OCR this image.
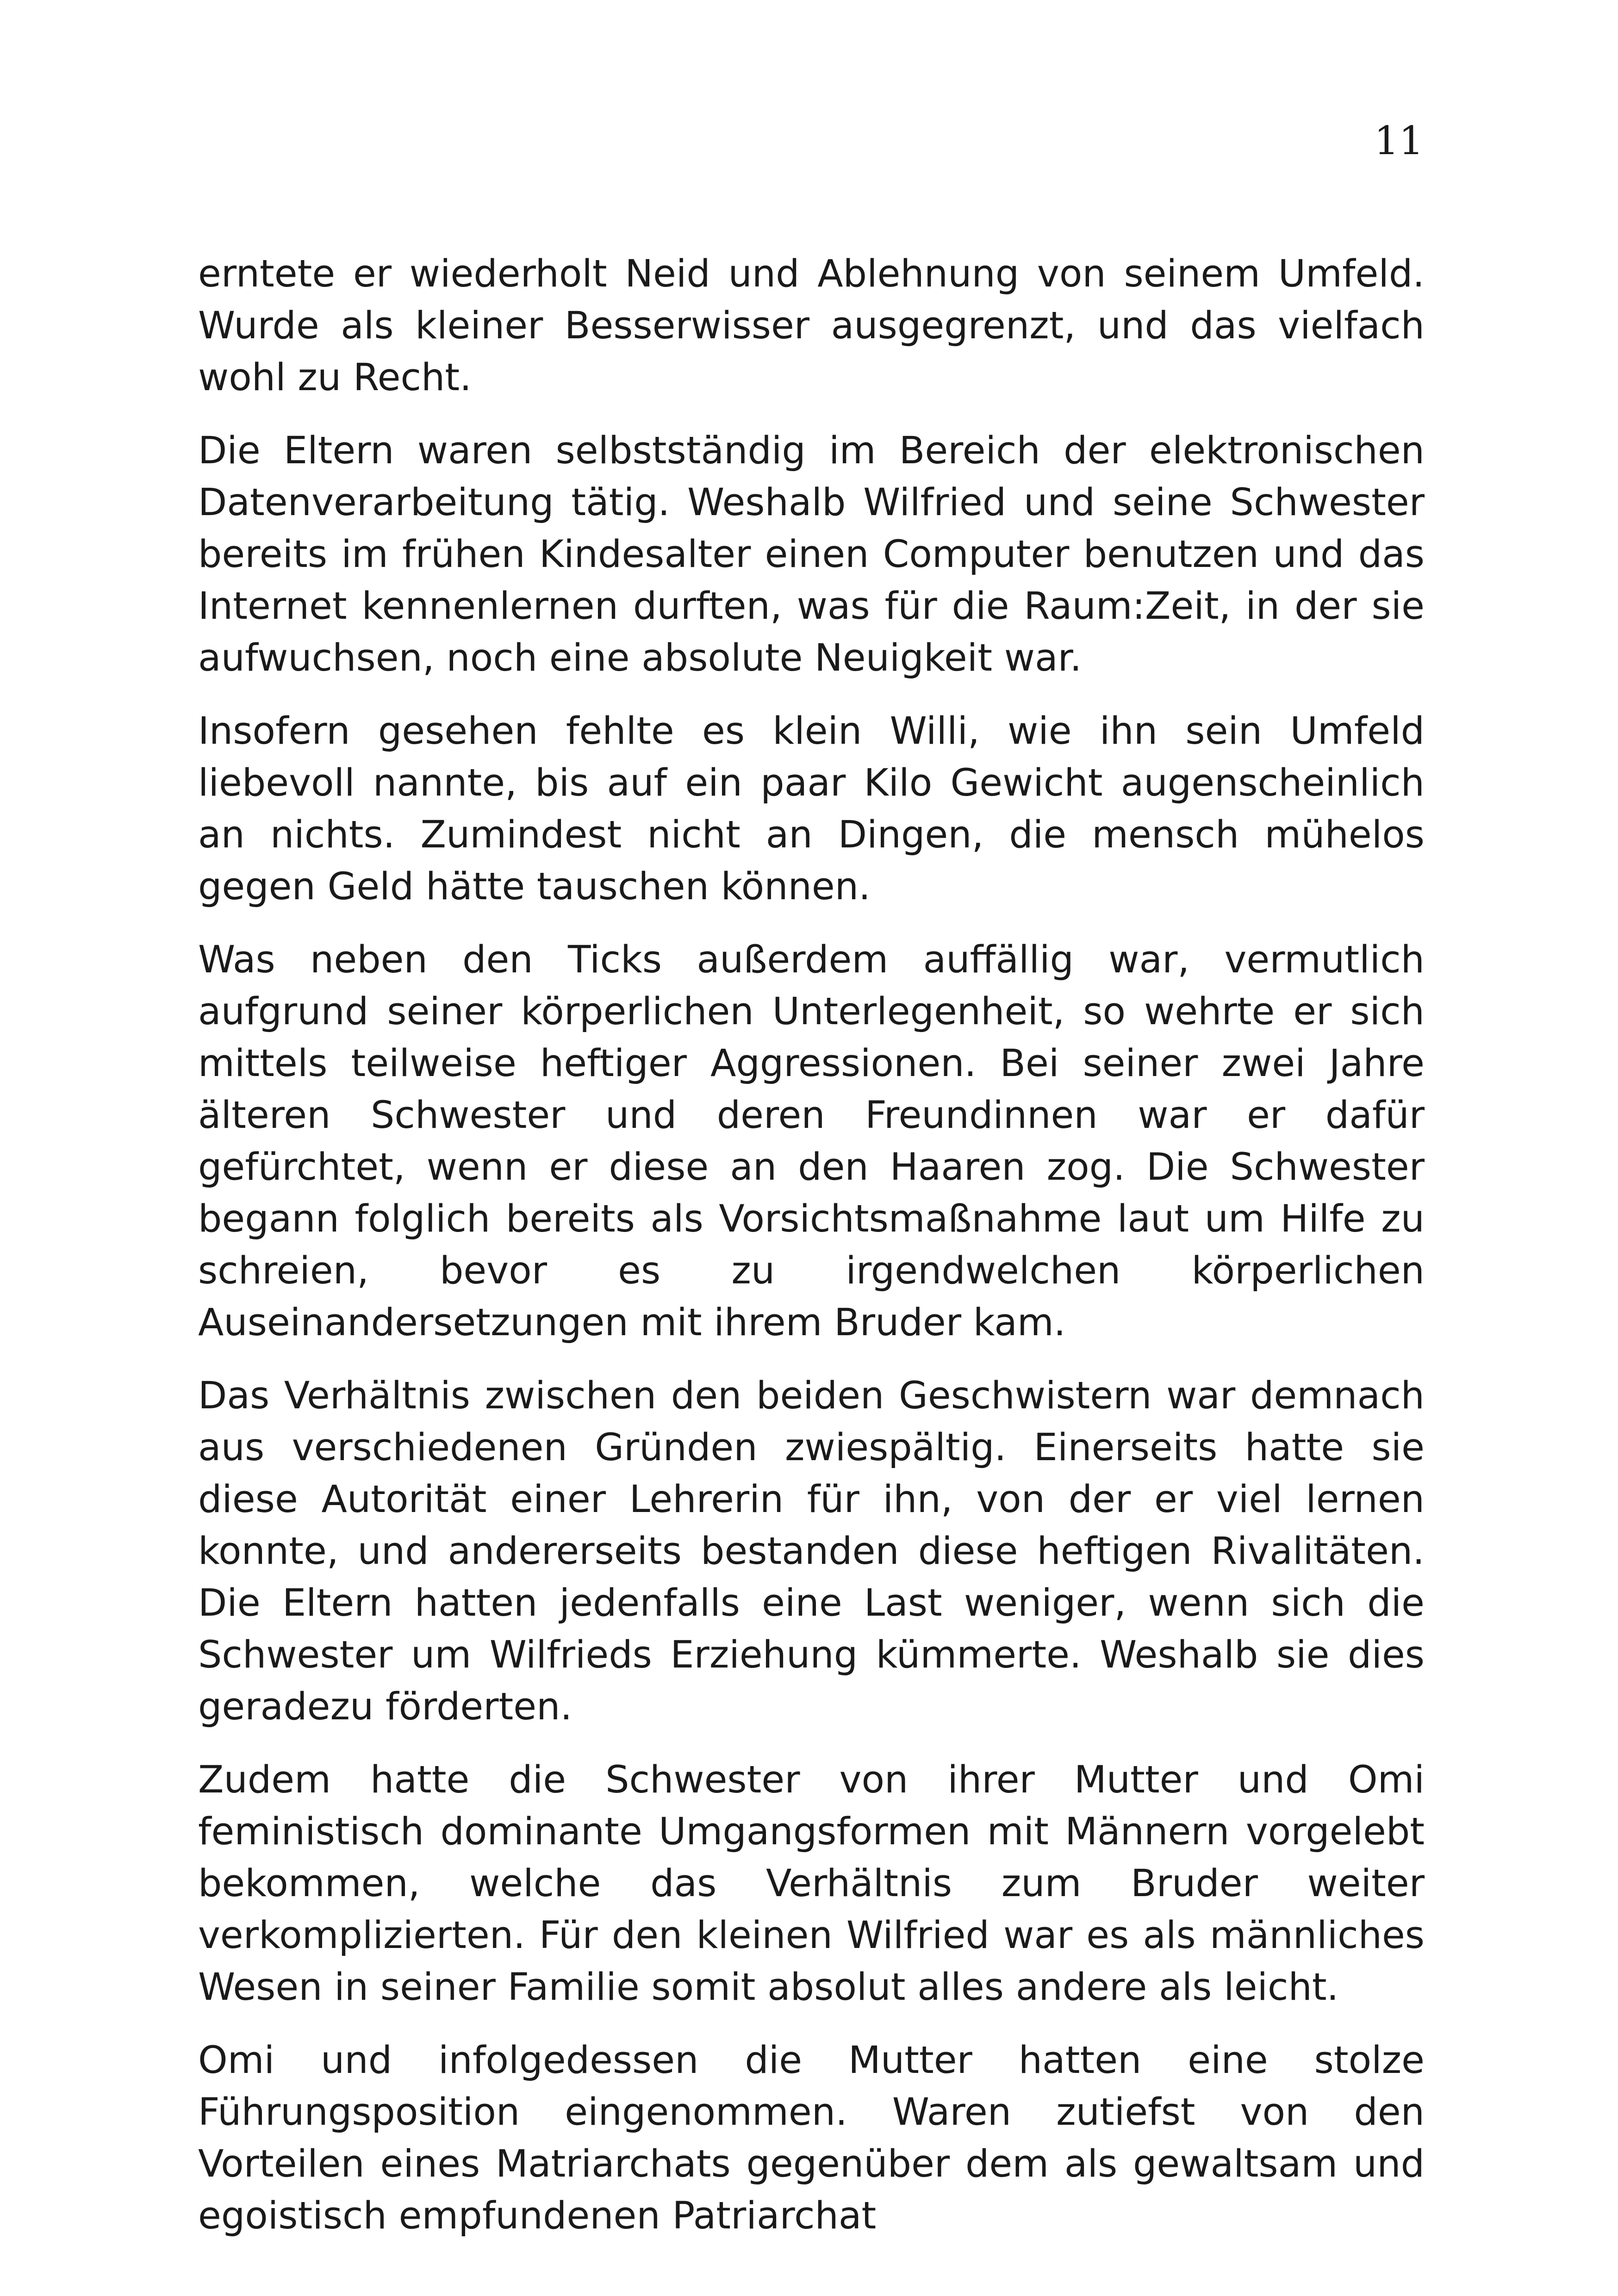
11

erntete er wiederholt Neid und Ablehnung von seinem Umfeld. Wurde als kleiner Besserwisser ausgegrenzt, und das vielfach wohl zu Recht.

Die Eltern waren selbstständig im Bereich der elektronischen Datenverarbeitung tätig. Weshalb Wilfried und seine Schwester bereits im frühen Kindesalter einen Computer benutzen und das Internet kennenlernen durften, was für die Raum:Zeit, in der sie aufwuchsen, noch eine absolute Neuigkeit war.

Insofern gesehen fehlte es klein Willi, wie ihn sein Umfeld liebevoll nannte, bis auf ein paar Kilo Gewicht augenscheinlich an nichts. Zumindest nicht an Dingen, die mensch mühelos gegen Geld hätte tauschen können.

Was neben den Ticks außerdem auffällig war, vermutlich aufgrund seiner körperlichen Unterlegenheit, so wehrte er sich mittels teilweise heftiger Aggressionen. Bei seiner zwei Jahre älteren Schwester und deren Freundinnen war er dafür gefürchtet, wenn er diese an den Haaren zog. Die Schwester begann folglich bereits als Vorsichtsmaßnahme laut um Hilfe zu schreien, bevor es zu irgendwelchen körperlichen Auseinandersetzungen mit ihrem Bruder kam.

Das Verhältnis zwischen den beiden Geschwistern war demnach aus verschiedenen Gründen zwiespältig. Einerseits hatte sie diese Autorität einer Lehrerin für ihn, von der er viel lernen konnte, und andererseits bestanden diese heftigen Rivalitäten. Die Eltern hatten jedenfalls eine Last weniger, wenn sich die Schwester um Wilfrieds Erziehung kümmerte. Weshalb sie dies geradezu förderten.

Zudem hatte die Schwester von ihrer Mutter und Omi feministisch dominante Umgangsformen mit Männern vorgelebt bekommen, welche das Verhältnis zum Bruder weiter verkomplizierten. Für den kleinen Wilfried war es als männliches Wesen in seiner Familie somit absolut alles andere als leicht.

Omi und infolgedessen die Mutter hatten eine stolze Führungsposition eingenommen. Waren zutiefst von den Vorteilen eines Matriarchats gegenüber dem als gewaltsam und egoistisch empfundenen Patriarchat
